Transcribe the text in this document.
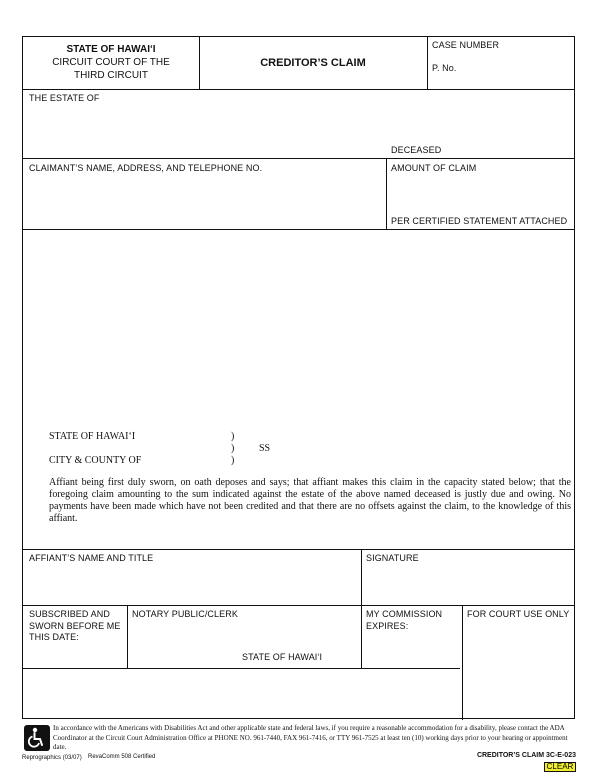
STATE OF HAWAI‘I
CIRCUIT COURT OF THE
THIRD CIRCUIT
CREDITOR’S CLAIM
CASE NUMBER
P. No.
THE ESTATE OF
DECEASED
CLAIMANT’S NAME, ADDRESS, AND TELEPHONE NO.	AMOUNT OF CLAIM
PER CERTIFIED STATEMENT ATTACHED
STATE OF HAWAI‘I	)
) SS
CITY & COUNTY OF	)
Affiant being first duly sworn, on oath deposes and says; that affiant makes this claim in the capacity stated below; that the foregoing claim amounting to the sum indicated against the estate of the above named deceased is justly due and owing. No payments have been made which have not been credited and that there are no offsets against the claim, to the knowledge of this affiant.
AFFIANT’S NAME AND TITLE	SIGNATURE
SUBSCRIBED AND SWORN BEFORE ME THIS DATE:
NOTARY PUBLIC/CLERK	MY COMMISSION EXPIRES:
FOR COURT USE ONLY
STATE OF HAWAI‘I
In accordance with the Americans with Disabilities Act and other applicable state and federal laws, if you require a reasonable accommodation for a disability, please contact the ADA Coordinator at the Circuit Court Administration Office at PHONE NO. 961-7440, FAX 961-7416, or TTY 961-7525 at least ten (10) working days prior to your hearing or appointment date.
Reprographics (03/07) RevaComm 508 Certified	CREDITOR’S CLAIM 3C-E-023
CLEAR
